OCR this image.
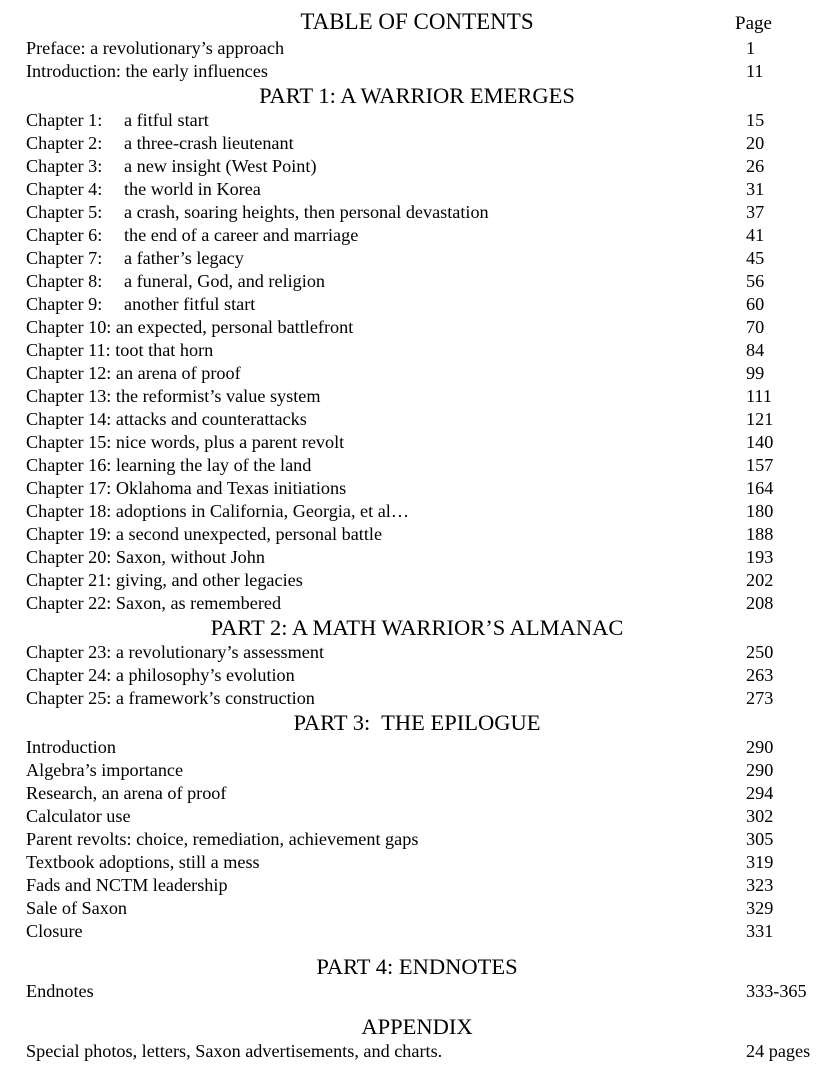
TABLE OF CONTENTS	Page
Preface: a revolutionary’s approach	1
Introduction: the early influences	11
PART 1: A WARRIOR EMERGES
Chapter 1: a fitful start	15
Chapter 2: a three-crash lieutenant	20
Chapter 3: a new insight (West Point)	26
Chapter 4: the world in Korea	31
Chapter 5: a crash, soaring heights, then personal devastation	37
Chapter 6: the end of a career and marriage	41
Chapter 7: a father’s legacy	45
Chapter 8: a funeral, God, and religion	56
Chapter 9: another fitful start	60
Chapter 10: an expected, personal battlefront	70
Chapter 11: toot that horn	84
Chapter 12: an arena of proof	99
Chapter 13: the reformist’s value system	111
Chapter 14: attacks and counterattacks	121
Chapter 15: nice words, plus a parent revolt	140
Chapter 16: learning the lay of the land	157
Chapter 17: Oklahoma and Texas initiations	164
Chapter 18: adoptions in California, Georgia, et al…	180
Chapter 19: a second unexpected, personal battle	188
Chapter 20: Saxon, without John	193
Chapter 21: giving, and other legacies	202
Chapter 22: Saxon, as remembered	208
PART 2: A MATH WARRIOR’S ALMANAC
Chapter 23: a revolutionary’s assessment	250
Chapter 24: a philosophy’s evolution	263
Chapter 25: a framework’s construction	273
PART 3:  THE EPILOGUE
Introduction	290
Algebra’s importance	290
Research, an arena of proof	294
Calculator use	302
Parent revolts: choice, remediation, achievement gaps	305
Textbook adoptions, still a mess	319
Fads and NCTM leadership	323
Sale of Saxon	329
Closure	331
PART 4: ENDNOTES
Endnotes	333-365
APPENDIX
Special photos, letters, Saxon advertisements, and charts.	24 pages
